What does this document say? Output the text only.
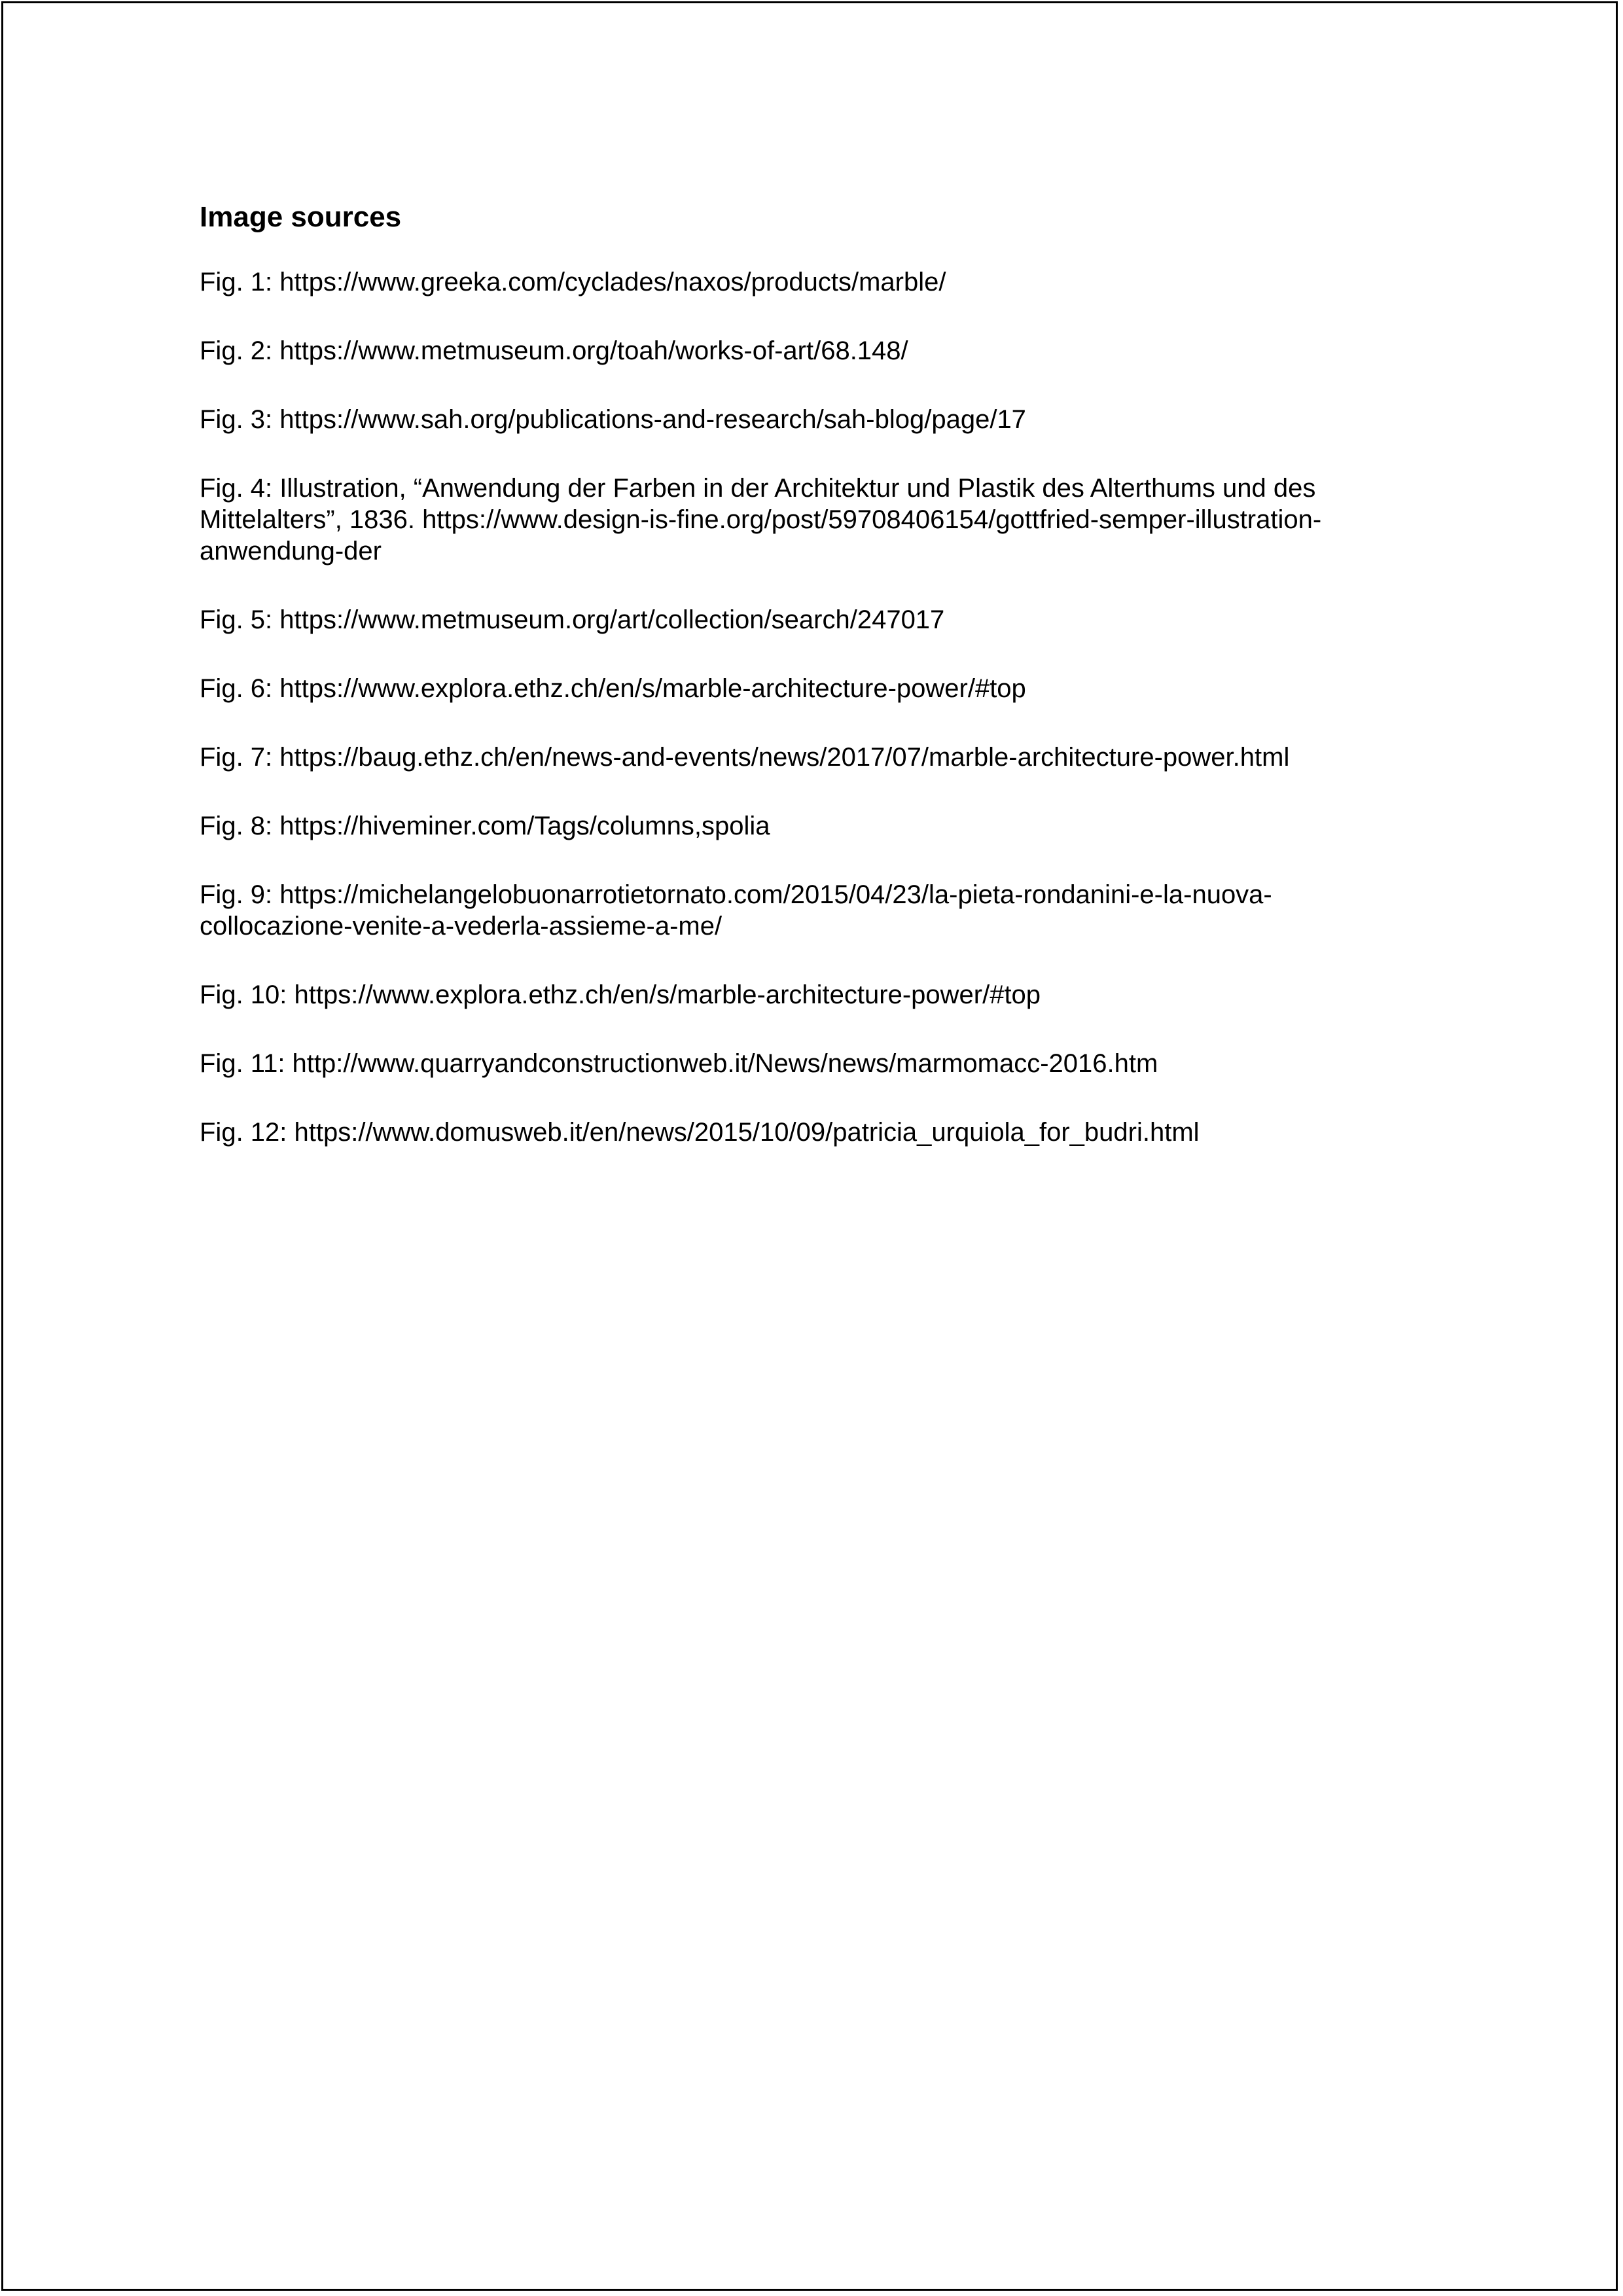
Image sources
Fig. 1: https://www.greeka.com/cyclades/naxos/products/marble/
Fig. 2: https://www.metmuseum.org/toah/works-of-art/68.148/
Fig. 3: https://www.sah.org/publications-and-research/sah-blog/page/17
Fig. 4: Illustration, “Anwendung der Farben in der Architektur und Plastik des Alterthums und des Mittelalters”, 1836. https://www.design-is-fine.org/post/59708406154/gottfried-semper-illustration-anwendung-der
Fig. 5: https://www.metmuseum.org/art/collection/search/247017
Fig. 6: https://www.explora.ethz.ch/en/s/marble-architecture-power/#top
Fig. 7: https://baug.ethz.ch/en/news-and-events/news/2017/07/marble-architecture-power.html
Fig. 8: https://hiveminer.com/Tags/columns,spolia
Fig. 9: https://michelangelobuonarrotietornato.com/2015/04/23/la-pieta-rondanini-e-la-nuova-collocazione-venite-a-vederla-assieme-a-me/
Fig. 10: https://www.explora.ethz.ch/en/s/marble-architecture-power/#top
Fig. 11: http://www.quarryandconstructionweb.it/News/news/marmomacc-2016.htm
Fig. 12: https://www.domusweb.it/en/news/2015/10/09/patricia_urquiola_for_budri.html
